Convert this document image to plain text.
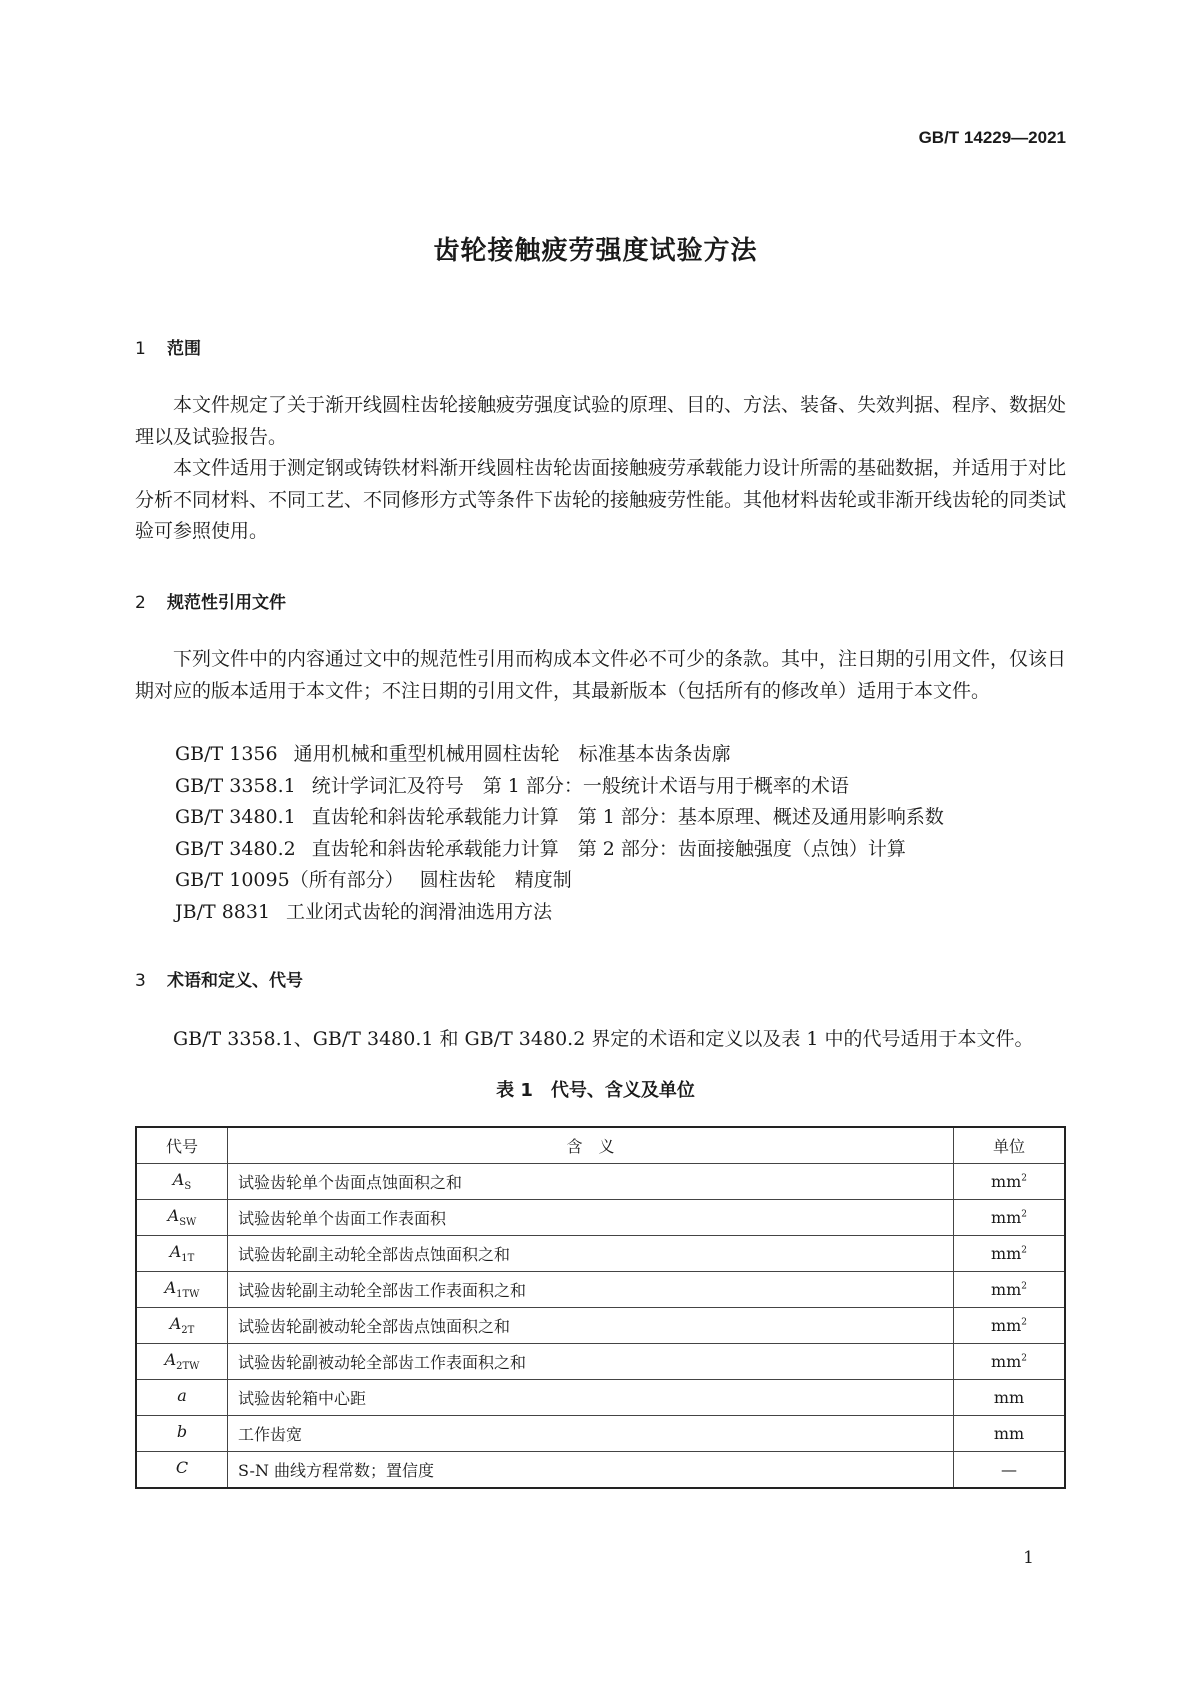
GB/T 14229—2021
齿轮接触疲劳强度试验方法
1 范围

本文件规定了关于渐开线圆柱齿轮接触疲劳强度试验的原理、目的、方法、装备、失效判据、程序、数据处理以及试验报告。

本文件适用于测定钢或铸铁材料渐开线圆柱齿轮齿面接触疲劳承载能力设计所需的基础数据，并适用于对比分析不同材料、不同工艺、不同修形方式等条件下齿轮的接触疲劳性能。其他材料齿轮或非渐开线齿轮的同类试验可参照使用。

2 规范性引用文件

下列文件中的内容通过文中的规范性引用而构成本文件必不可少的条款。其中，注日期的引用文件，仅该日期对应的版本适用于本文件；不注日期的引用文件，其最新版本（包括所有的修改单）适用于本文件。

GB/T 1356 通用机械和重型机械用圆柱齿轮　标准基本齿条齿廓
GB/T 3358.1 统计学词汇及符号　第 1 部分：一般统计术语与用于概率的术语
GB/T 3480.1 直齿轮和斜齿轮承载能力计算　第 1 部分：基本原理、概述及通用影响系数
GB/T 3480.2 直齿轮和斜齿轮承载能力计算　第 2 部分：齿面接触强度（点蚀）计算
GB/T 10095（所有部分） 圆柱齿轮　精度制
JB/T 8831 工业闭式齿轮的润滑油选用方法
3 术语和定义、代号

GB/T 3358.1、GB/T 3480.1 和 GB/T 3480.2 界定的术语和定义以及表 1 中的代号适用于本文件。

表 1　代号、含义及单位
代号	含　义	单位
$A_S$	试验齿轮单个齿面点蚀面积之和	$mm^2$
$A_{SW}$	试验齿轮单个齿面工作表面积	$mm^2$
$A_{1T}$	试验齿轮副主动轮全部齿点蚀面积之和	$mm^2$
$A_{1TW}$	试验齿轮副主动轮全部齿工作表面积之和	$mm^2$
$A_{2T}$	试验齿轮副被动轮全部齿点蚀面积之和	$mm^2$
$A_{2TW}$	试验齿轮副被动轮全部齿工作表面积之和	$mm^2$
a	试验齿轮箱中心距	mm
b	工作齿宽	mm
C	S-N 曲线方程常数；置信度	—
1
